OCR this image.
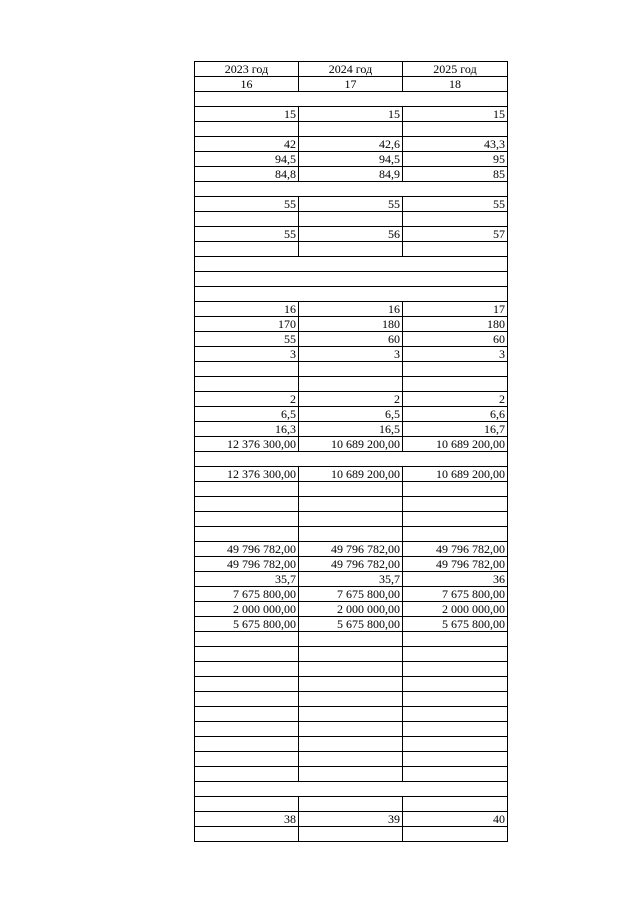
2023 год	2024 год	2025 год
16	17	18

15	15	15

42	42,6	43,3
94,5	94,5	95
84,8	84,9	85

55	55	55

55	56	57

16	16	17
170	180	180
55	60	60
3	3	3

2	2	2
6,5	6,5	6,6
16,3	16,5	16,7
12 376 300,00	10 689 200,00	10 689 200,00

12 376 300,00	10 689 200,00	10 689 200,00

49 796 782,00	49 796 782,00	49 796 782,00
49 796 782,00	49 796 782,00	49 796 782,00
35,7	35,7	36
7 675 800,00	7 675 800,00	7 675 800,00
2 000 000,00	2 000 000,00	2 000 000,00
5 675 800,00	5 675 800,00	5 675 800,00

38	39	40
